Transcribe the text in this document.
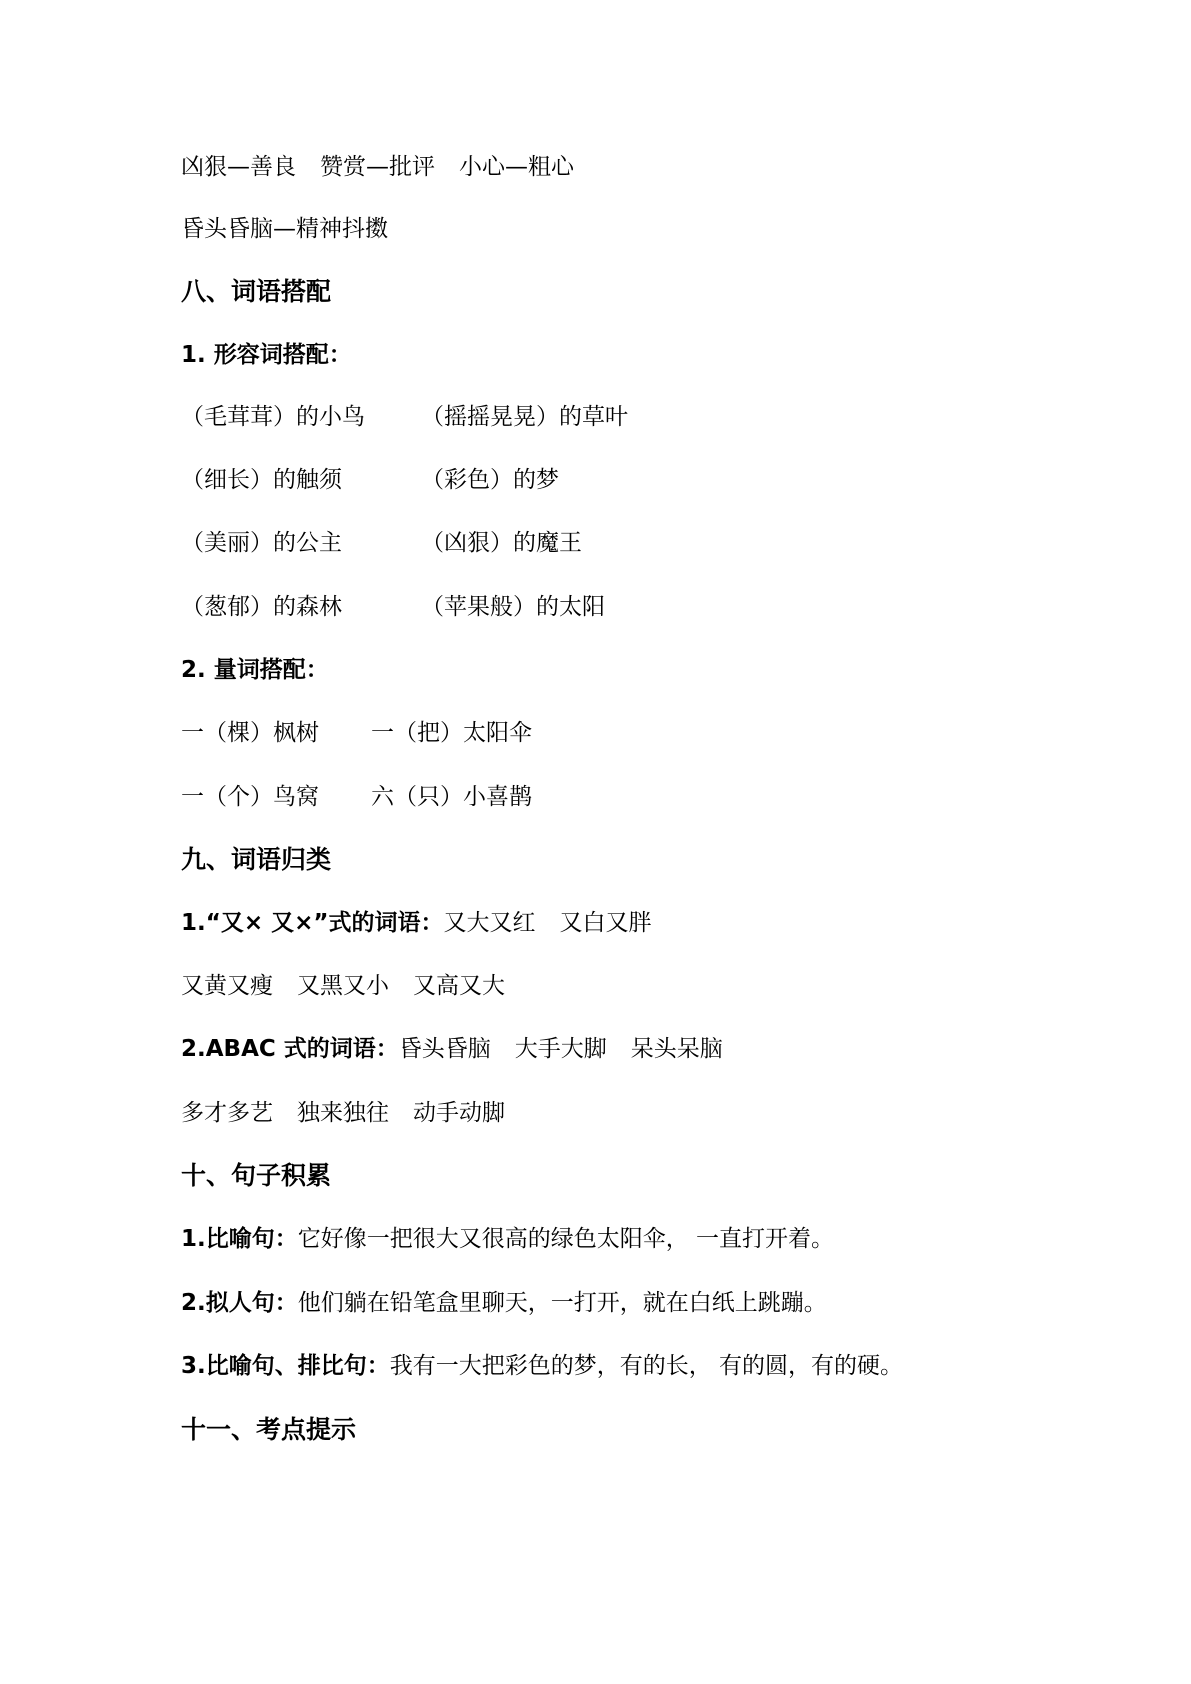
凶狠—善良 赞赏—批评 小心—粗心
昏头昏脑—精神抖擞
八、词语搭配
1. 形容词搭配：
（毛茸茸）的小鸟 （摇摇晃晃）的草叶
（细长）的触须	（彩色）的梦
（美丽）的公主	（凶狠）的魔王
（葱郁）的森林	（苹果般）的太阳
2. 量词搭配：
一（棵）枫树 一（把）太阳伞
一（个）鸟窝 六（只）小喜鹊
九、词语归类
1.“又× 又×”式的词语：又大又红 又白又胖
又黄又瘦 又黑又小 又高又大
2.ABAC 式的词语：昏头昏脑 大手大脚 呆头呆脑
多才多艺 独来独往 动手动脚
十、句子积累
1.比喻句：它好像一把很大又很高的绿色太阳伞， 一直打开着。
2.拟人句：他们躺在铅笔盒里聊天，一打开，就在白纸上跳蹦。
3.比喻句、排比句：我有一大把彩色的梦，有的长， 有的圆，有的硬。
十一、考点提示
